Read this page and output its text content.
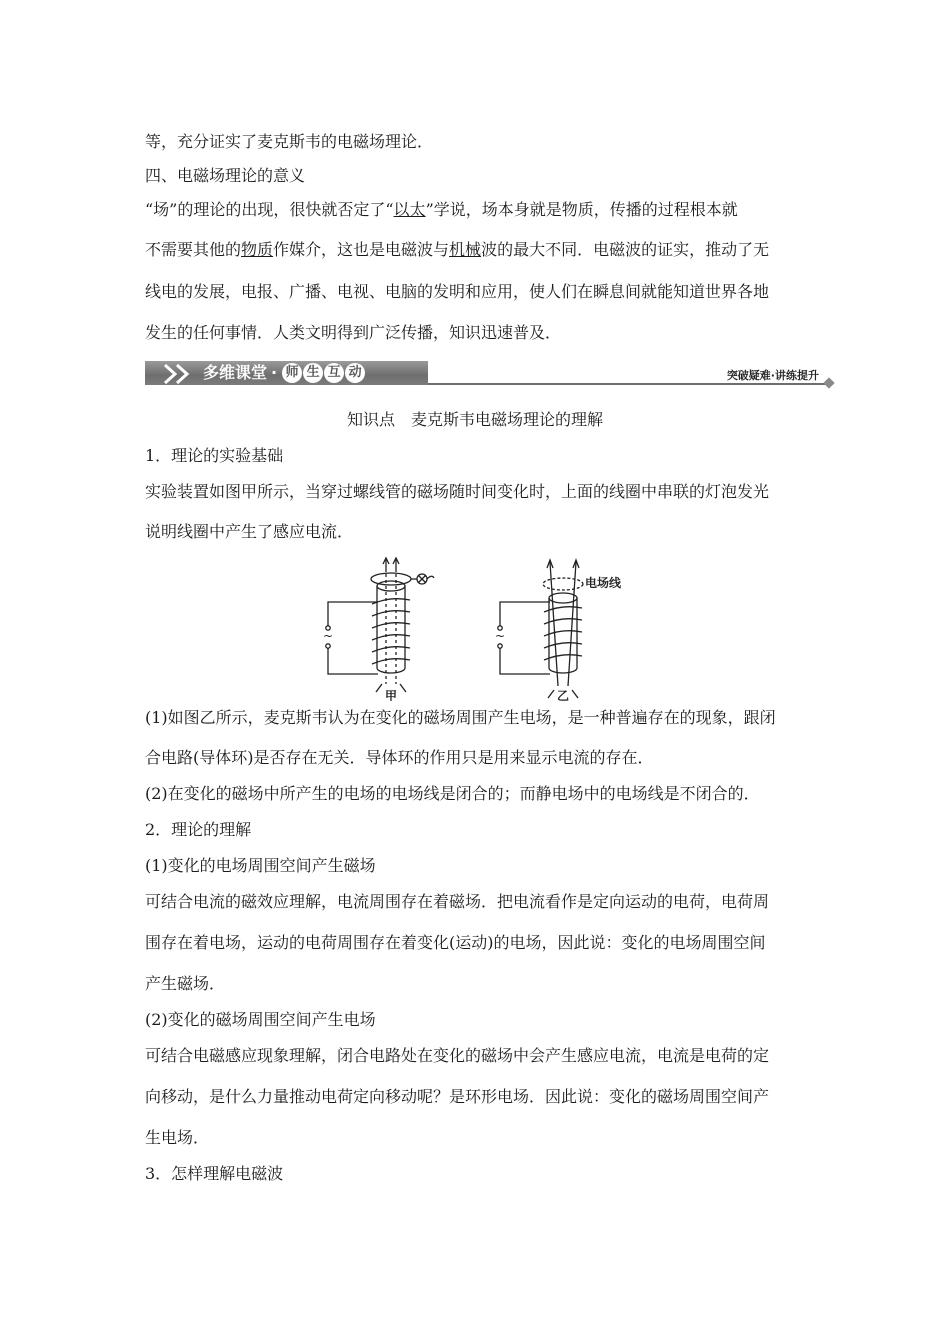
等，充分证实了麦克斯韦的电磁场理论．
四、电磁场理论的意义
“场”的理论的出现，很快就否定了“以太”学说，场本身就是物质，传播的过程根本就
不需要其他的物质作媒介，这也是电磁波与机械波的最大不同．电磁波的证实，推动了无
线电的发展，电报、广播、电视、电脑的发明和应用，使人们在瞬息间就能知道世界各地
发生的任何事情．人类文明得到广泛传播，知识迅速普及．
多维课堂 · 师 生 互 动	突破疑难·讲练提升
知识点　麦克斯韦电磁场理论的理解
1．理论的实验基础
实验装置如图甲所示，当穿过螺线管的磁场随时间变化时，上面的线圈中串联的灯泡发光
说明线圈中产生了感应电流．
~	~
电场线
甲	乙
(1)如图乙所示，麦克斯韦认为在变化的磁场周围产生电场，是一种普遍存在的现象，跟闭
合电路(导体环)是否存在无关．导体环的作用只是用来显示电流的存在．
(2)在变化的磁场中所产生的电场的电场线是闭合的；而静电场中的电场线是不闭合的．
2．理论的理解
(1)变化的电场周围空间产生磁场
可结合电流的磁效应理解，电流周围存在着磁场．把电流看作是定向运动的电荷，电荷周
围存在着电场，运动的电荷周围存在着变化(运动)的电场，因此说：变化的电场周围空间
产生磁场．
(2)变化的磁场周围空间产生电场
可结合电磁感应现象理解，闭合电路处在变化的磁场中会产生感应电流，电流是电荷的定
向移动，是什么力量推动电荷定向移动呢？是环形电场．因此说：变化的磁场周围空间产
生电场．
3．怎样理解电磁波
